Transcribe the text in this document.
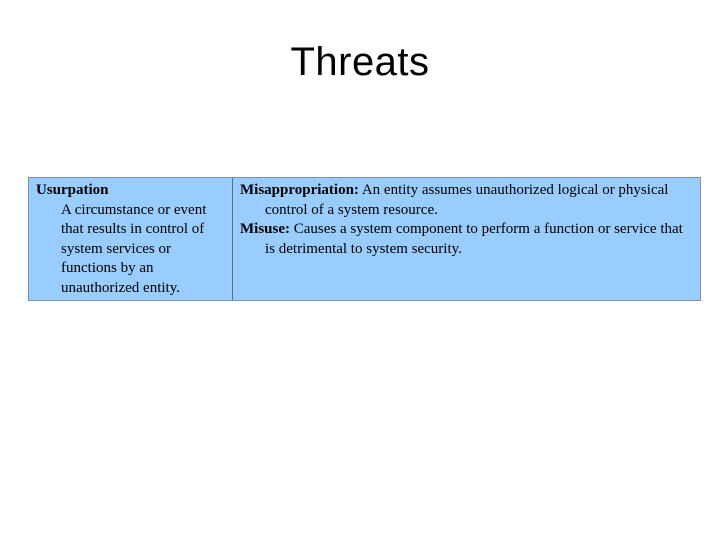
Threats
Usurpation
A circumstance or event that results in control of system services or functions by an unauthorized entity.
Misappropriation: An entity assumes unauthorized logical or physical control of a system resource.
Misuse: Causes a system component to perform a function or service that is detrimental to system security.
